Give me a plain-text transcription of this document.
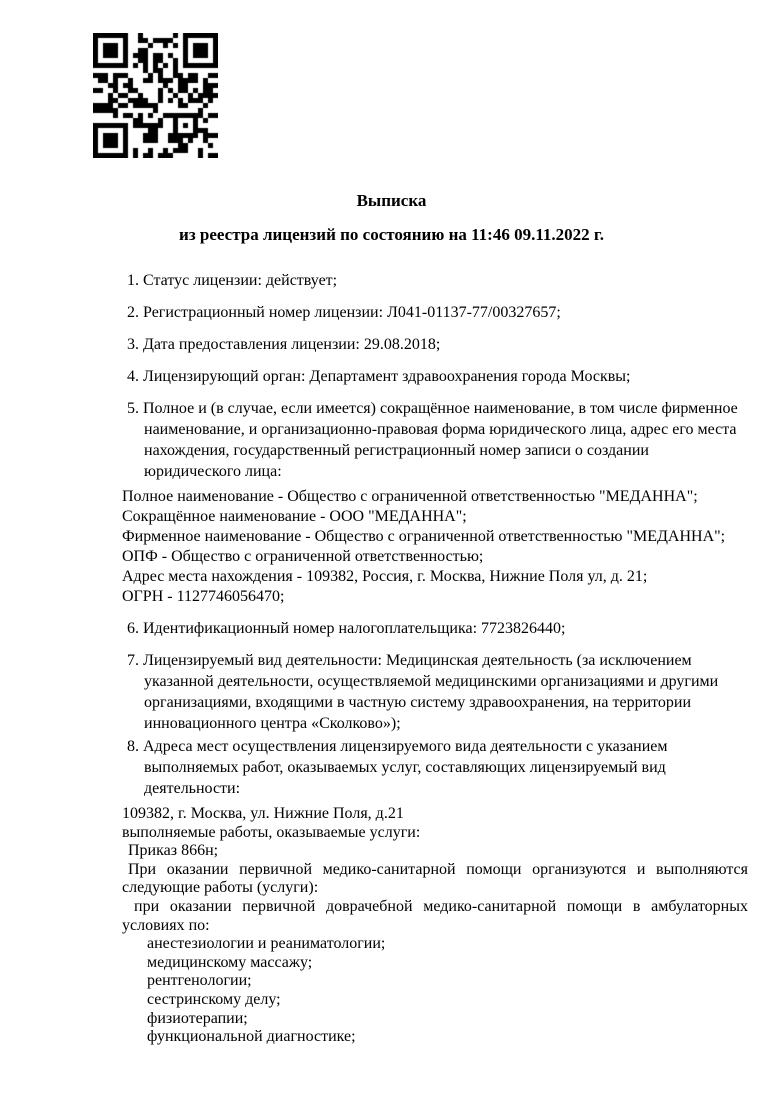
Выписка
из реестра лицензий по состоянию на 11:46 09.11.2022 г.
1. Статус лицензии: действует;
2. Регистрационный номер лицензии: Л041-01137-77/00327657;
3. Дата предоставления лицензии: 29.08.2018;
4. Лицензирующий орган: Департамент здравоохранения города Москвы;
5. Полное и (в случае, если имеется) сокращённое наименование, в том числе фирменное
наименование, и организационно-правовая форма юридического лица, адрес его места
нахождения, государственный регистрационный номер записи о создании
юридического лица:
Полное наименование - Общество с ограниченной ответственностью "МЕДАННА";
Сокращённое наименование - ООО "МЕДАННА";
Фирменное наименование - Общество с ограниченной ответственностью "МЕДАННА";
ОПФ - Общество с ограниченной ответственностью;
Адрес места нахождения - 109382, Россия, г. Москва, Нижние Поля ул, д. 21;
ОГРН - 1127746056470;
6. Идентификационный номер налогоплательщика: 7723826440;
7. Лицензируемый вид деятельности: Медицинская деятельность (за исключением
указанной деятельности, осуществляемой медицинскими организациями и другими
организациями, входящими в частную систему здравоохранения, на территории
инновационного центра «Сколково»);
8. Адреса мест осуществления лицензируемого вида деятельности с указанием
выполняемых работ, оказываемых услуг, составляющих лицензируемый вид
деятельности:
109382, г. Москва, ул. Нижние Поля, д.21
выполняемые работы, оказываемые услуги:
Приказ 866н;
При оказании первичной медико-санитарной помощи организуются и выполняются
следующие работы (услуги):
при оказании первичной доврачебной медико-санитарной помощи в амбулаторных
условиях по:
анестезиологии и реаниматологии;
медицинскому массажу;
рентгенологии;
сестринскому делу;
физиотерапии;
функциональной диагностике;
